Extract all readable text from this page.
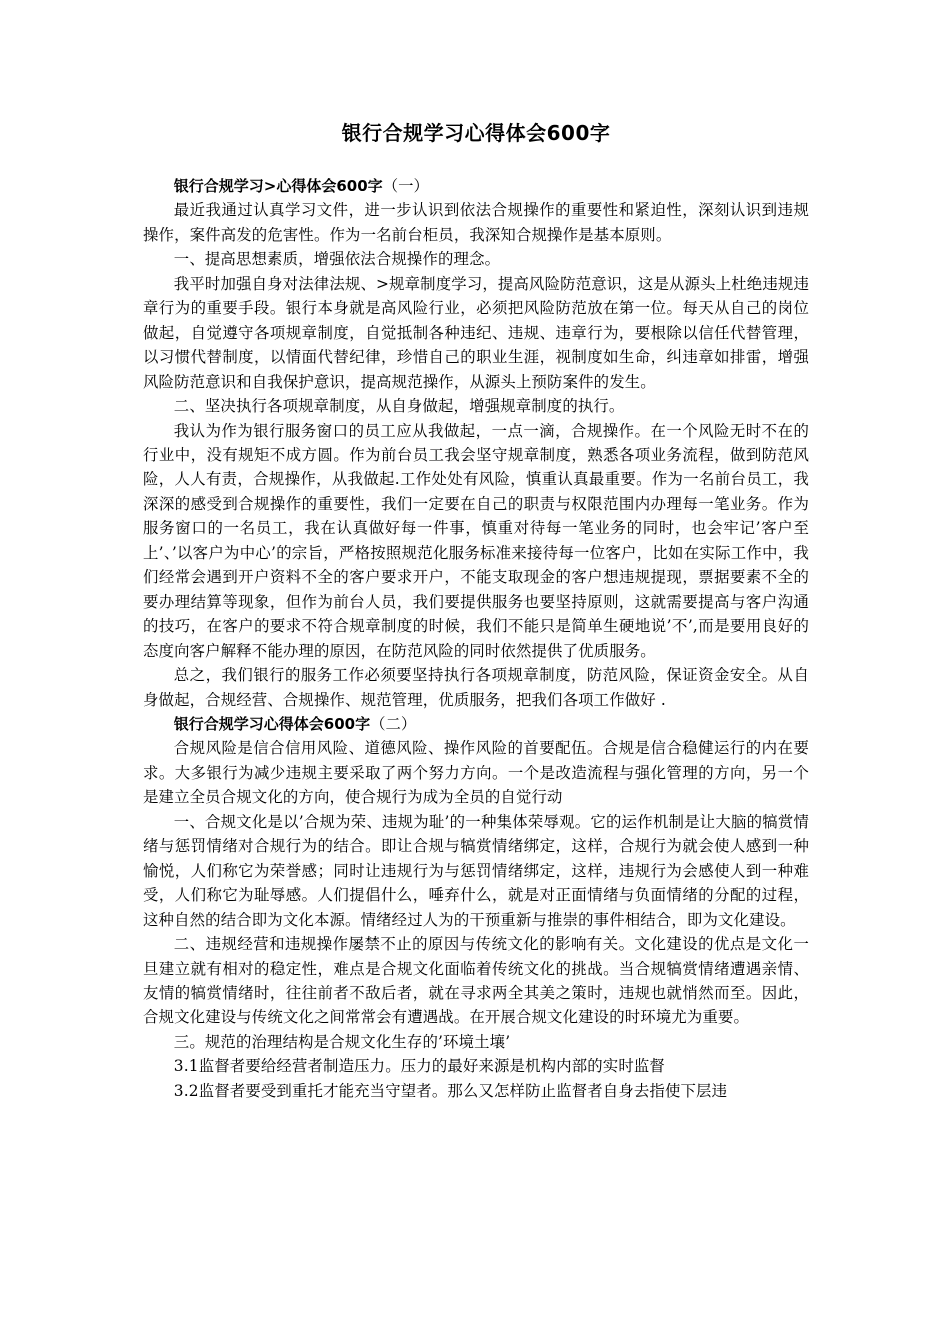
银行合规学习心得体会600字
银行合规学习>心得体会600字（一）

最近我通过认真学习文件，进一步认识到依法合规操作的重要性和紧迫性，深刻认识到违规操作，案件高发的危害性。作为一名前台柜员，我深知合规操作是基本原则。

一、提高思想素质，增强依法合规操作的理念。

我平时加强自身对法律法规、>规章制度学习，提高风险防范意识，这是从源头上杜绝违规违章行为的重要手段。银行本身就是高风险行业，必须把风险防范放在第一位。每天从自己的岗位做起，自觉遵守各项规章制度，自觉抵制各种违纪、违规、违章行为，要根除以信任代替管理，以习惯代替制度，以情面代替纪律，珍惜自己的职业生涯，视制度如生命，纠违章如排雷，增强风险防范意识和自我保护意识，提高规范操作，从源头上预防案件的发生。

二、坚决执行各项规章制度，从自身做起，增强规章制度的执行。

我认为作为银行服务窗口的员工应从我做起，一点一滴，合规操作。在一个风险无时不在的行业中，没有规矩不成方圆。作为前台员工我会坚守规章制度，熟悉各项业务流程，做到防范风险，人人有责，合规操作，从我做起.工作处处有风险，慎重认真最重要。作为一名前台员工，我深深的感受到合规操作的重要性，我们一定要在自己的职责与权限范围内办理每一笔业务。作为服务窗口的一名员工，我在认真做好每一件事，慎重对待每一笔业务的同时，也会牢记’客户至上’、’以客户为中心’的宗旨，严格按照规范化服务标准来接待每一位客户，比如在实际工作中，我们经常会遇到开户资料不全的客户要求开户，不能支取现金的客户想违规提现，票据要素不全的要办理结算等现象，但作为前台人员，我们要提供服务也要坚持原则，这就需要提高与客户沟通的技巧，在客户的要求不符合规章制度的时候，我们不能只是简单生硬地说’不’,而是要用良好的态度向客户解释不能办理的原因，在防范风险的同时依然提供了优质服务。

总之，我们银行的服务工作必须要坚持执行各项规章制度，防范风险，保证资金安全。从自身做起，合规经营、合规操作、规范管理，优质服务，把我们各项工作做好 .

银行合规学习心得体会600字（二）

合规风险是信合信用风险、道德风险、操作风险的首要配伍。合规是信合稳健运行的内在要求。大多银行为减少违规主要采取了两个努力方向。一个是改造流程与强化管理的方向，另一个是建立全员合规文化的方向，使合规行为成为全员的自觉行动

一、合规文化是以’合规为荣、违规为耻’的一种集体荣辱观。它的运作机制是让大脑的犒赏情绪与惩罚情绪对合规行为的结合。即让合规与犒赏情绪绑定，这样，合规行为就会使人感到一种愉悦，人们称它为荣誉感；同时让违规行为与惩罚情绪绑定，这样，违规行为会感使人到一种难受，人们称它为耻辱感。人们提倡什么，唾弃什么，就是对正面情绪与负面情绪的分配的过程，这种自然的结合即为文化本源。情绪经过人为的干预重新与推崇的事件相结合，即为文化建设。

二、违规经营和违规操作屡禁不止的原因与传统文化的影响有关。文化建设的优点是文化一旦建立就有相对的稳定性，难点是合规文化面临着传统文化的挑战。当合规犒赏情绪遭遇亲情、友情的犒赏情绪时，往往前者不敌后者，就在寻求两全其美之策时，违规也就悄然而至。因此，合规文化建设与传统文化之间常常会有遭遇战。在开展合规文化建设的时环境尤为重要。

三。规范的治理结构是合规文化生存的’环境土壤’

3.1监督者要给经营者制造压力。压力的最好来源是机构内部的实时监督

3.2监督者要受到重托才能充当守望者。那么又怎样防止监督者自身去指使下层违
